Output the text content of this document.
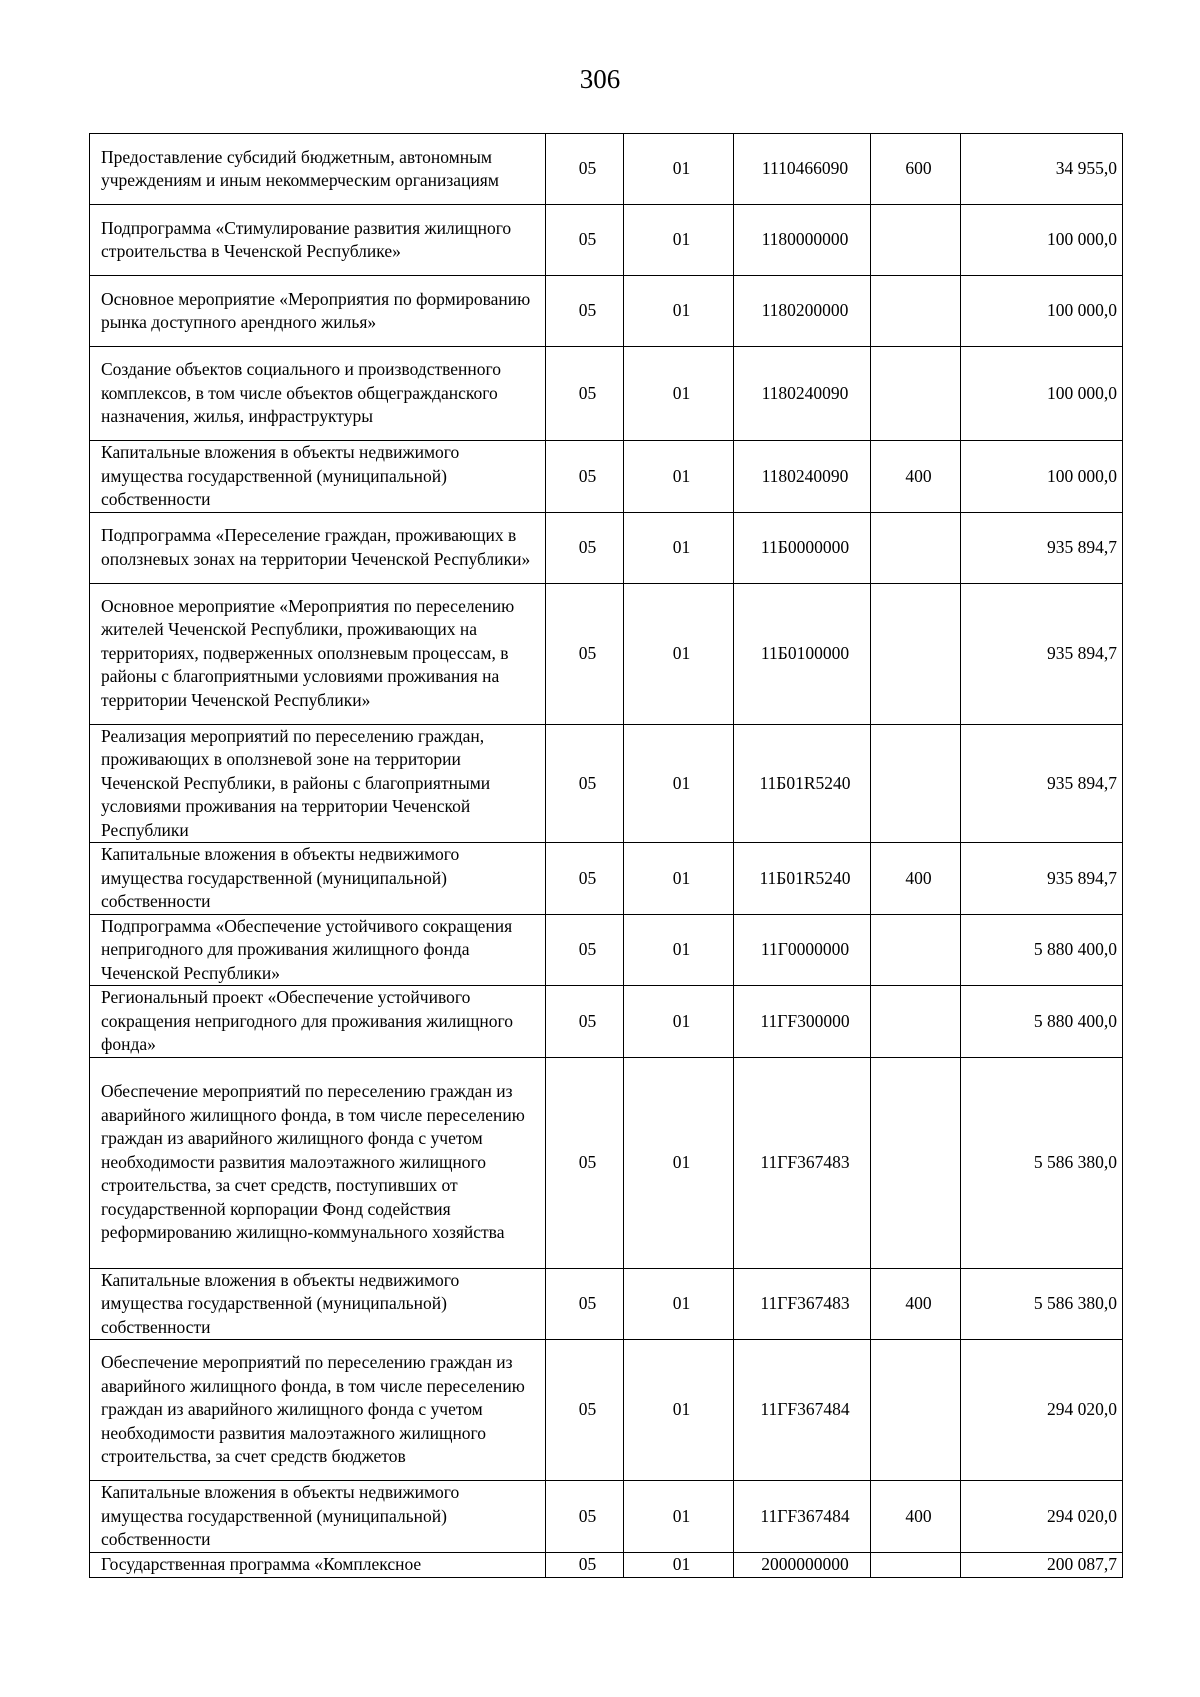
306
Предоставление субсидий бюджетным, автономным учреждениям и иным некоммерческим организациям	05	01	1110466090	600	34 955,0
Подпрограмма «Стимулирование развития жилищного строительства в Чеченской Республике»	05	01	1180000000		100 000,0
Основное мероприятие «Мероприятия по формированию рынка доступного арендного жилья»	05	01	1180200000		100 000,0
Создание объектов социального и производственного комплексов, в том числе объектов общегражданского назначения, жилья, инфраструктуры	05	01	1180240090		100 000,0
Капитальные вложения в объекты недвижимого имущества государственной (муниципальной) собственности	05	01	1180240090	400	100 000,0
Подпрограмма «Переселение граждан, проживающих в оползневых зонах на территории Чеченской Республики»	05	01	11Б0000000		935 894,7
Основное мероприятие «Мероприятия по переселению жителей Чеченской Республики, проживающих на территориях, подверженных оползневым процессам, в районы с благоприятными условиями проживания на территории Чеченской Республики»	05	01	11Б0100000		935 894,7
Реализация мероприятий по переселению граждан, проживающих в оползневой зоне на территории Чеченской Республики, в районы с благоприятными условиями проживания на территории Чеченской Республики	05	01	11Б01R5240		935 894,7
Капитальные вложения в объекты недвижимого имущества государственной (муниципальной) собственности	05	01	11Б01R5240	400	935 894,7
Подпрограмма «Обеспечение устойчивого сокращения непригодного для проживания жилищного фонда Чеченской Республики»	05	01	11Г0000000		5 880 400,0
Региональный проект «Обеспечение устойчивого сокращения непригодного для проживания жилищного фонда»	05	01	11ГF300000		5 880 400,0
Обеспечение мероприятий по переселению граждан из аварийного жилищного фонда, в том числе переселению граждан из аварийного жилищного фонда с учетом необходимости развития малоэтажного жилищного строительства, за счет средств, поступивших от государственной корпорации Фонд содействия реформированию жилищно-коммунального хозяйства	05	01	11ГF367483		5 586 380,0
Капитальные вложения в объекты недвижимого имущества государственной (муниципальной) собственности	05	01	11ГF367483	400	5 586 380,0
Обеспечение мероприятий по переселению граждан из аварийного жилищного фонда, в том числе переселению граждан из аварийного жилищного фонда с учетом необходимости развития малоэтажного жилищного строительства, за счет средств бюджетов	05	01	11ГF367484		294 020,0
Капитальные вложения в объекты недвижимого имущества государственной (муниципальной) собственности	05	01	11ГF367484	400	294 020,0
Государственная программа «Комплексное	05	01	2000000000		200 087,7
